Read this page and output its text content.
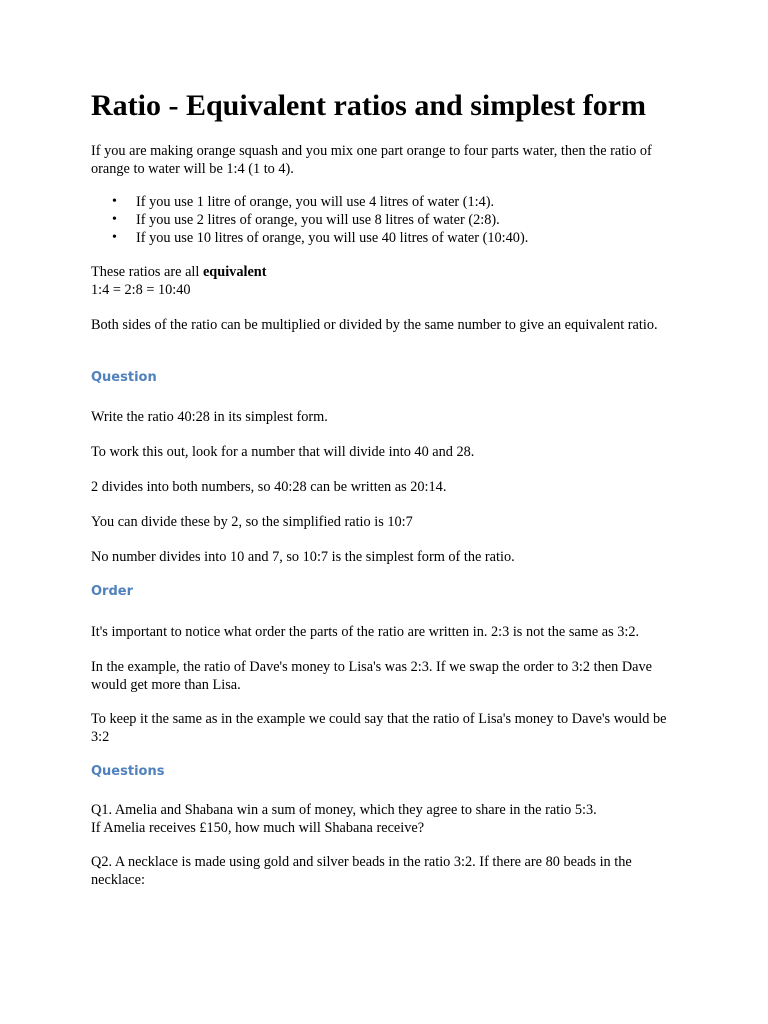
Ratio - Equivalent ratios and simplest form

If you are making orange squash and you mix one part orange to four parts water, then the ratio of orange to water will be 1:4 (1 to 4).

• If you use 1 litre of orange, you will use 4 litres of water (1:4).
• If you use 2 litres of orange, you will use 8 litres of water (2:8).
• If you use 10 litres of orange, you will use 40 litres of water (10:40).

These ratios are all equivalent

1:4 = 2:8 = 10:40

Both sides of the ratio can be multiplied or divided by the same number to give an equivalent ratio.

Question

Write the ratio 40:28 in its simplest form.

To work this out, look for a number that will divide into 40 and 28.

2 divides into both numbers, so 40:28 can be written as 20:14.

You can divide these by 2, so the simplified ratio is 10:7

No number divides into 10 and 7, so 10:7 is the simplest form of the ratio.

Order

It's important to notice what order the parts of the ratio are written in. 2:3 is not the same as 3:2.

In the example, the ratio of Dave's money to Lisa's was 2:3. If we swap the order to 3:2 then Dave would get more than Lisa.

To keep it the same as in the example we could say that the ratio of Lisa's money to Dave's would be 3:2

Questions

Q1. Amelia and Shabana win a sum of money, which they agree to share in the ratio 5:3.

If Amelia receives £150, how much will Shabana receive?

Q2. A necklace is made using gold and silver beads in the ratio 3:2. If there are 80 beads in the necklace:
